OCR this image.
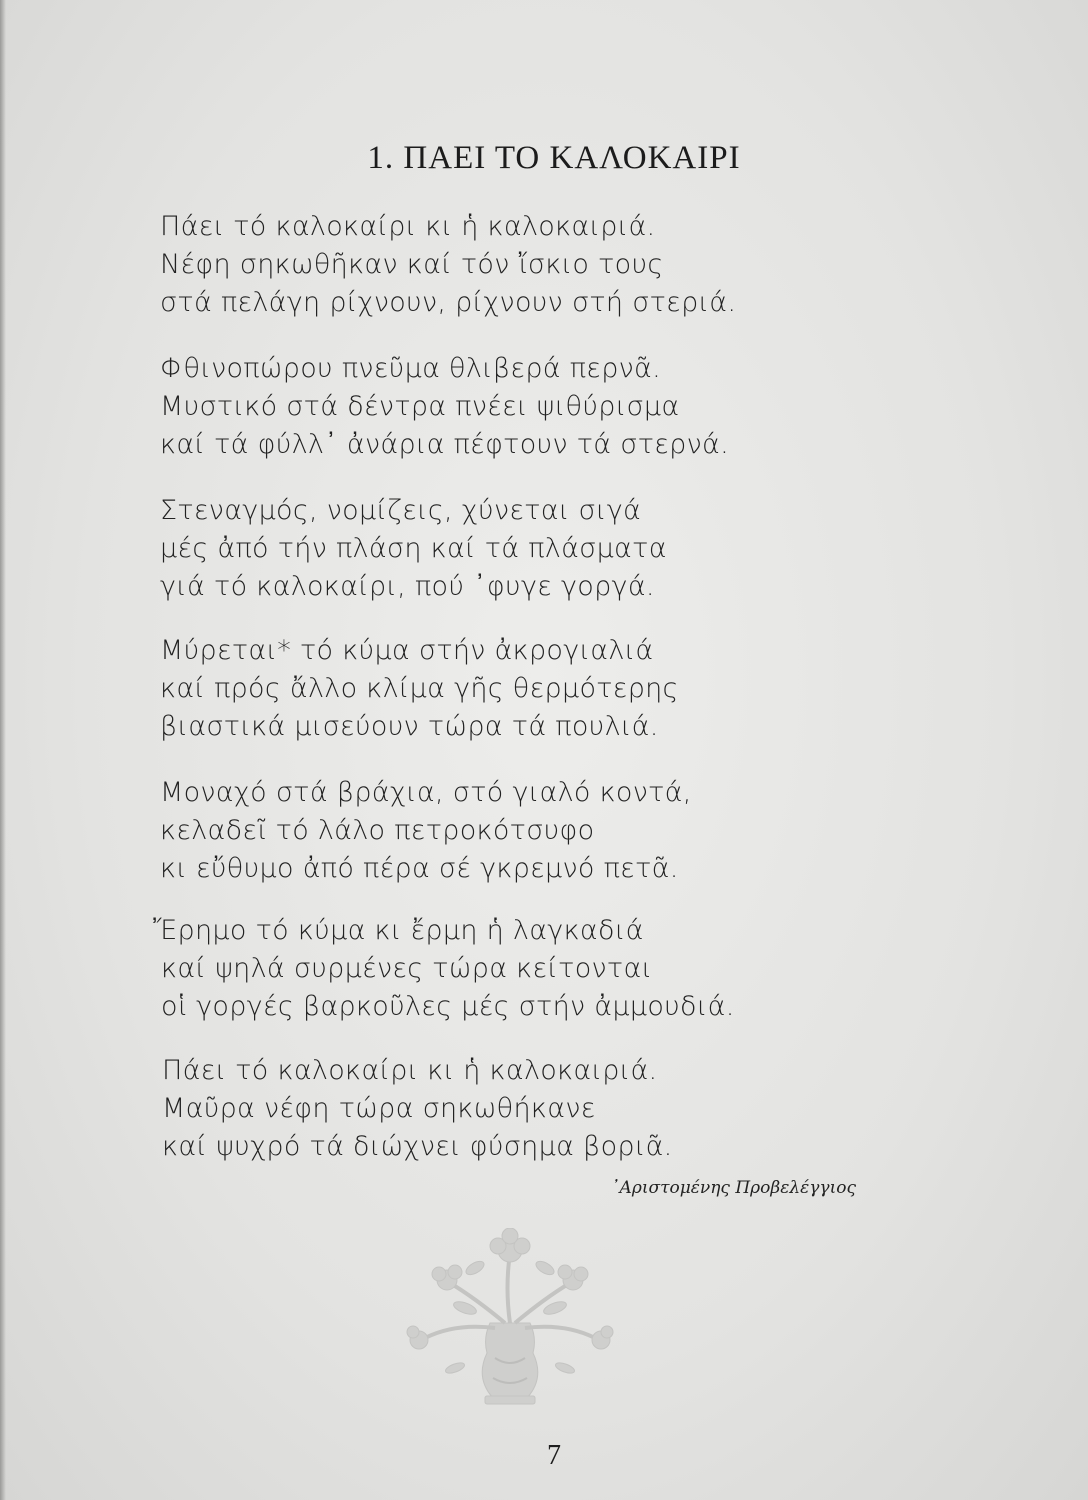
1. ΠΑΕΙ ΤΟ ΚΑΛΟΚΑΙΡΙ
Πάει τό καλοκαίρι κι ἡ καλοκαιριά.
Νέφη σηκωθῆκαν καί τόν ἴσκιο τους
στά πελάγη ρίχνουν, ρίχνουν στή στεριά.
Φθινοπώρου πνεῦμα θλιβερά περνᾶ.
Μυστικό στά δέντρα πνέει ψιθύρισμα
καί τά φύλλ᾽ ἀνάρια πέφτουν τά στερνά.
Στεναγμός, νομίζεις, χύνεται σιγά
μές ἀπό τήν πλάση καί τά πλάσματα
γιά τό καλοκαίρι, πού ᾽φυγε γοργά.
Μύρεται* τό κύμα στήν ἀκρογιαλιά
καί πρός ἄλλο κλίμα γῆς θερμότερης
βιαστικά μισεύουν τώρα τά πουλιά.
Μοναχό στά βράχια, στό γιαλό κοντά,
κελαδεῖ τό λάλο πετροκότσυφο
κι εὔθυμο ἀπό πέρα σέ γκρεμνό πετᾶ.
Ἔρημο τό κύμα κι ἔρμη ἡ λαγκαδιά
καί ψηλά συρμένες τώρα κείτονται
οἱ γοργές βαρκοῦλες μές στήν ἀμμουδιά.
Πάει τό καλοκαίρι κι ἡ καλοκαιριά.
Μαῦρα νέφη τώρα σηκωθήκανε
καί ψυχρό τά διώχνει φύσημα βοριᾶ.
᾽Αριστομένης Προβελέγγιος
7
